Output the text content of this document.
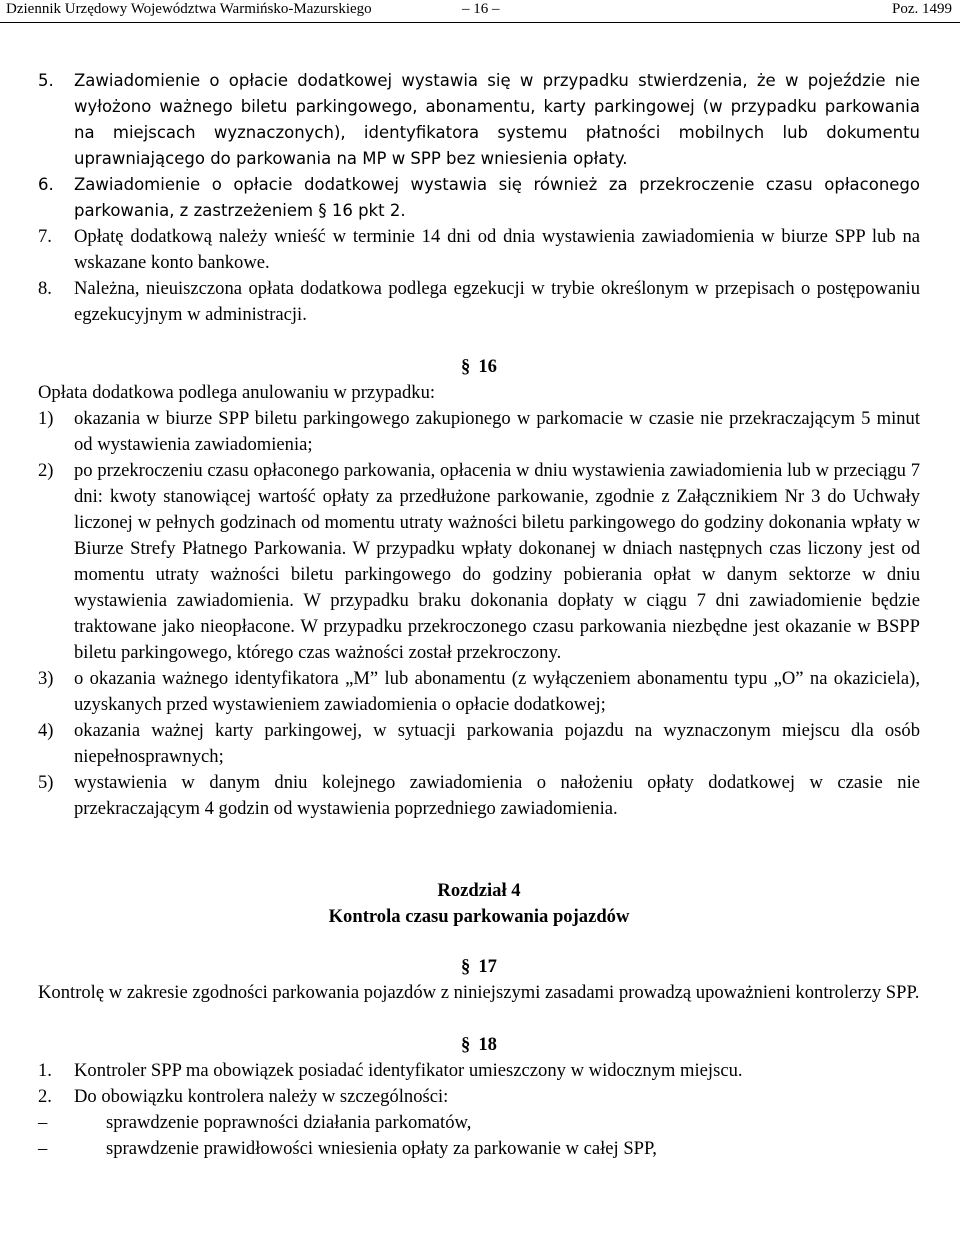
Dziennik Urzędowy Województwa Warmińsko-Mazurskiego	– 16 –	Poz. 1499
5.	Zawiadomienie o opłacie dodatkowej wystawia się w przypadku stwierdzenia, że w pojeździe nie wyłożono ważnego biletu parkingowego, abonamentu, karty parkingowej (w przypadku parkowania na miejscach wyznaczonych), identyfikatora systemu płatności mobilnych lub dokumentu uprawniającego do parkowania na MP w SPP bez wniesienia opłaty.
6.	Zawiadomienie o opłacie dodatkowej wystawia się również za przekroczenie czasu opłaconego parkowania, z zastrzeżeniem § 16 pkt 2.
7.	Opłatę dodatkową należy wnieść w terminie 14 dni od dnia wystawienia zawiadomienia w biurze SPP lub na wskazane konto bankowe.
8.	Należna, nieuiszczona opłata dodatkowa podlega egzekucji w trybie określonym w przepisach o postępowaniu egzekucyjnym w administracji.

§ 16

Opłata dodatkowa podlega anulowaniu w przypadku:

1)	okazania w biurze SPP biletu parkingowego zakupionego w parkomacie w czasie nie przekraczającym 5 minut od wystawienia zawiadomienia;
2)	po przekroczeniu czasu opłaconego parkowania, opłacenia w dniu wystawienia zawiadomienia lub w przeciągu 7 dni: kwoty stanowiącej wartość opłaty za przedłużone parkowanie, zgodnie z Załącznikiem Nr 3 do Uchwały liczonej w pełnych godzinach od momentu utraty ważności biletu parkingowego do godziny dokonania wpłaty w Biurze Strefy Płatnego Parkowania. W przypadku wpłaty dokonanej w dniach następnych czas liczony jest od momentu utraty ważności biletu parkingowego do godziny pobierania opłat w danym sektorze w dniu wystawienia zawiadomienia. W przypadku braku dokonania dopłaty w ciągu 7 dni zawiadomienie będzie traktowane jako nieopłacone. W przypadku przekroczonego czasu parkowania niezbędne jest okazanie w BSPP biletu parkingowego, którego czas ważności został przekroczony.
3)	o okazania ważnego identyfikatora „M” lub abonamentu (z wyłączeniem abonamentu typu „O” na okaziciela), uzyskanych przed wystawieniem zawiadomienia o opłacie dodatkowej;
4)	okazania ważnej karty parkingowej, w sytuacji parkowania pojazdu na wyznaczonym miejscu dla osób niepełnosprawnych;
5)	wystawienia w danym dniu kolejnego zawiadomienia o nałożeniu opłaty dodatkowej w czasie nie przekraczającym 4 godzin od wystawienia poprzedniego zawiadomienia.

Rozdział 4

Kontrola czasu parkowania pojazdów

§ 17

Kontrolę w zakresie zgodności parkowania pojazdów z niniejszymi zasadami prowadzą upoważnieni kontrolerzy SPP.

§ 18

1.	Kontroler SPP ma obowiązek posiadać identyfikator umieszczony w widocznym miejscu.
2.	Do obowiązku kontrolera należy w szczególności:
–	sprawdzenie poprawności działania parkomatów,
–	sprawdzenie prawidłowości wniesienia opłaty za parkowanie w całej SPP,
